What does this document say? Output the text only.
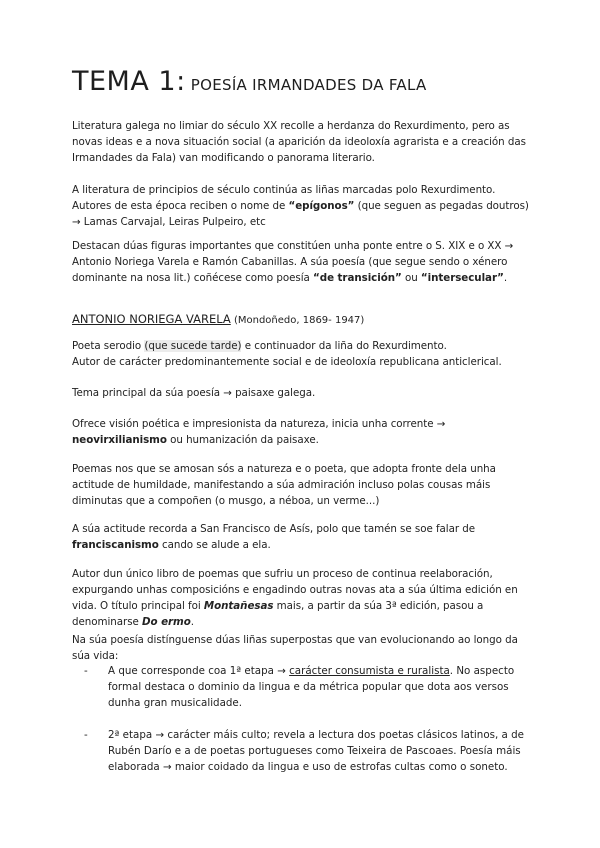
TEMA 1: POESÍA IRMANDADES DA FALA

Literatura galega no limiar do século XX recolle a herdanza do Rexurdimento, pero as novas ideas e a nova situación social (a aparición da ideoloxía agrarista e a creación das Irmandades da Fala) van modificando o panorama literario.

A literatura de principios de século continúa as liñas marcadas polo Rexurdimento. Autores de esta época reciben o nome de “epígonos” (que seguen as pegadas doutros) → Lamas Carvajal, Leiras Pulpeiro, etc

Destacan dúas figuras importantes que constitúen unha ponte entre o S. XIX e o XX → Antonio Noriega Varela e Ramón Cabanillas. A súa poesía (que segue sendo o xénero dominante na nosa lit.) coñécese como poesía “de transición” ou “intersecular”.

ANTONIO NORIEGA VARELA (Mondoñedo, 1869- 1947)

Poeta serodio (que sucede tarde) e continuador da liña do Rexurdimento.

Autor de carácter predominantemente social e de ideoloxía republicana anticlerical.

Tema principal da súa poesía → paisaxe galega.

Ofrece visión poética e impresionista da natureza, inicia unha corrente → neovirxilianismo ou humanización da paisaxe.

Poemas nos que se amosan sós a natureza e o poeta, que adopta fronte dela unha actitude de humildade, manifestando a súa admiración incluso polas cousas máis diminutas que a compoñen (o musgo, a néboa, un verme...)

A súa actitude recorda a San Francisco de Asís, polo que tamén se soe falar de franciscanismo cando se alude a ela.

Autor dun único libro de poemas que sufriu un proceso de continua reelaboración, expurgando unhas composicións e engadindo outras novas ata a súa última edición en vida. O título principal foi Montañesas mais, a partir da súa 3ª edición, pasou a denominarse Do ermo.

Na súa poesía distínguense dúas liñas superpostas que van evolucionando ao longo da súa vida:

- A que corresponde coa 1ª etapa → carácter consumista e ruralista. No aspecto formal destaca o dominio da lingua e da métrica popular que dota aos versos dunha gran musicalidade.
- 2ª etapa → carácter máis culto; revela a lectura dos poetas clásicos latinos, a de Rubén Darío e a de poetas portugueses como Teixeira de Pascoaes. Poesía máis elaborada → maior coidado da lingua e uso de estrofas cultas como o soneto.
